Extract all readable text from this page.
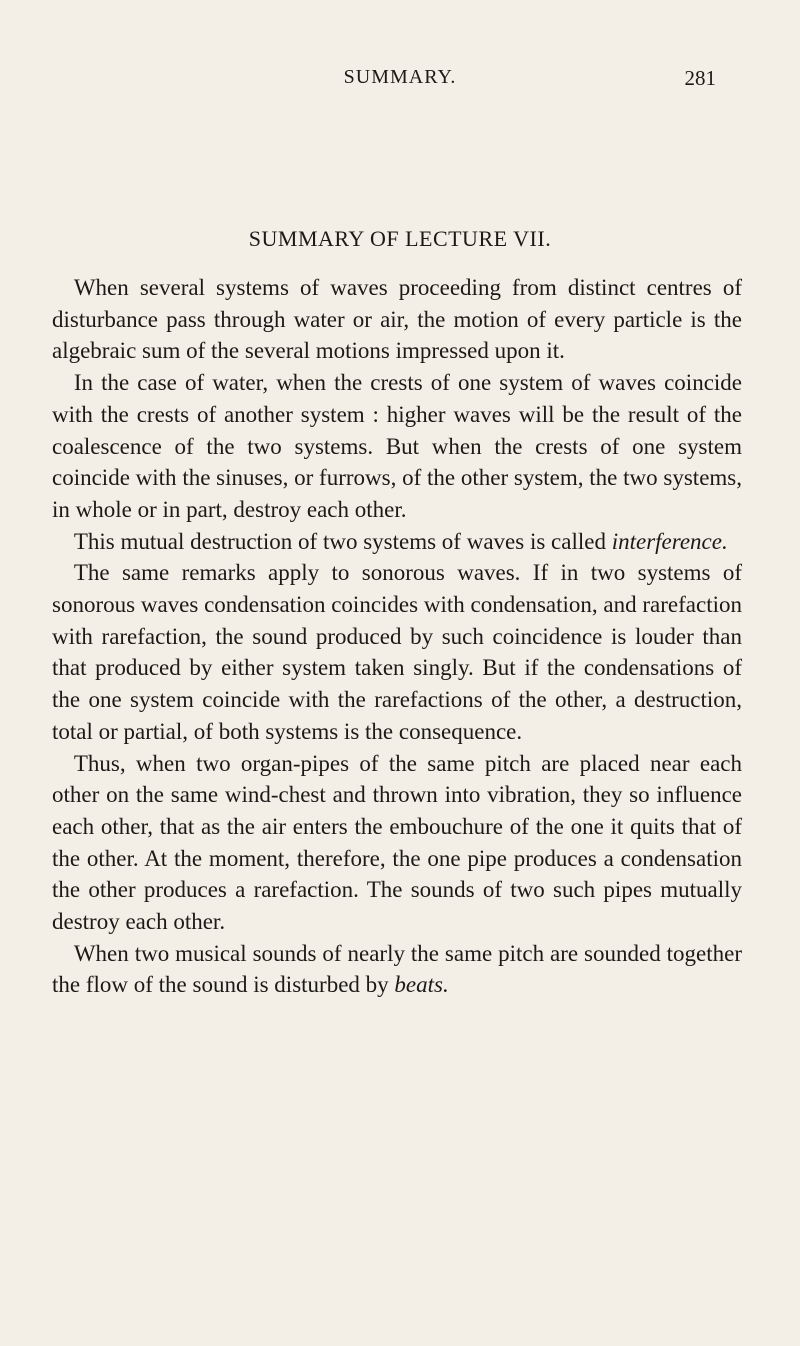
SUMMARY.	281
SUMMARY OF LECTURE VII.

When several systems of waves proceeding from distinct centres of disturbance pass through water or air, the motion of every particle is the algebraic sum of the several motions impressed upon it.

In the case of water, when the crests of one system of waves coincide with the crests of another system : higher waves will be the result of the coalescence of the two systems. But when the crests of one system coincide with the sinuses, or furrows, of the other system, the two systems, in whole or in part, destroy each other.

This mutual destruction of two systems of waves is called interference.

The same remarks apply to sonorous waves. If in two systems of sonorous waves condensation coincides with condensation, and rarefaction with rarefaction, the sound produced by such coincidence is louder than that produced by either system taken singly. But if the condensations of the one system coincide with the rarefactions of the other, a destruction, total or partial, of both systems is the consequence.

Thus, when two organ-pipes of the same pitch are placed near each other on the same wind-chest and thrown into vibration, they so influence each other, that as the air enters the embouchure of the one it quits that of the other. At the moment, therefore, the one pipe produces a condensation the other produces a rarefaction. The sounds of two such pipes mutually destroy each other.

When two musical sounds of nearly the same pitch are sounded together the flow of the sound is disturbed by beats.
